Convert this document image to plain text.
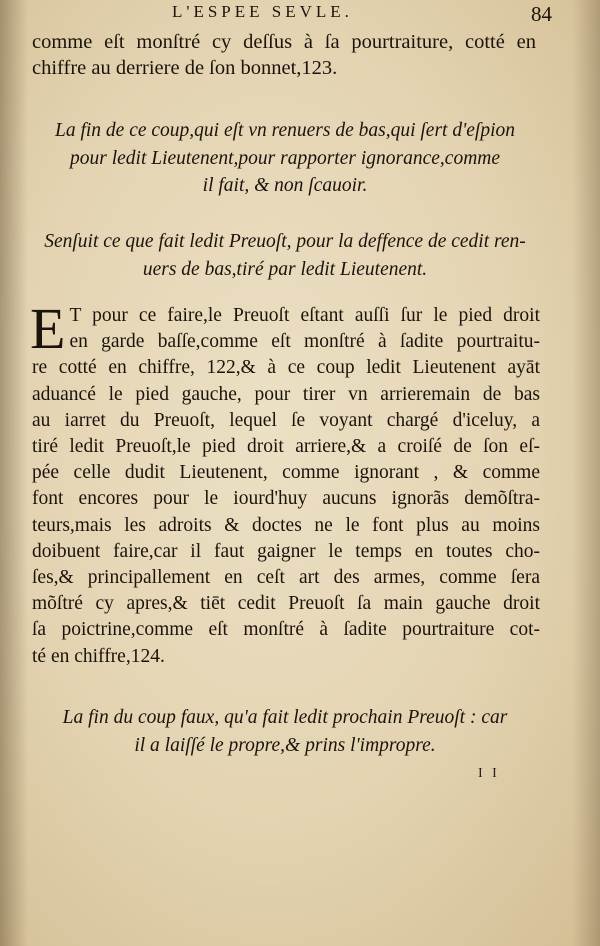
L'ESPEE SEVLE.	84
comme eſt monſtré cy deſſus à ſa pourtraiture, cotté en
chiffre au derriere de ſon bonnet,123.
La fin de ce coup,qui eſt vn renuers de bas,qui ſert d'eſpion
pour ledit Lieutenent,pour rapporter ignorance,comme
il fait, & non ſcauoir.
Senſuit ce que fait ledit Preuoſt, pour la deffence de cedit ren-
uers de bas,tiré par ledit Lieutenent.
E T pour ce faire,le Preuoſt eſtant auſſi ſur le pied droit
en garde baſſe,comme eſt monſtré à ſadite pourtraitu-
re cotté en chiffre, 122,& à ce coup ledit Lieutenent ayāt
aduancé le pied gauche, pour tirer vn arrieremain de bas
au iarret du Preuoſt, lequel ſe voyant chargé d'iceluy, a
tiré ledit Preuoſt,le pied droit arriere,& a croiſé de ſon eſ-
pée celle dudit Lieutenent, comme ignorant , & comme
font encores pour le iourd'huy aucuns ignorãs demõſtra-
teurs,mais les adroits & doctes ne le font plus au moins
doibuent faire,car il faut gaigner le temps en toutes cho-
ſes,& principallement en ceſt art des armes, comme ſera
mõſtré cy apres,& tiēt cedit Preuoſt ſa main gauche droit
ſa poictrine,comme eſt monſtré à ſadite pourtraiture cot-
té en chiffre,124.
La fin du coup faux, qu'a fait ledit prochain Preuoſt : car
il a laiſſé le propre,& prins l'impropre.
I I
